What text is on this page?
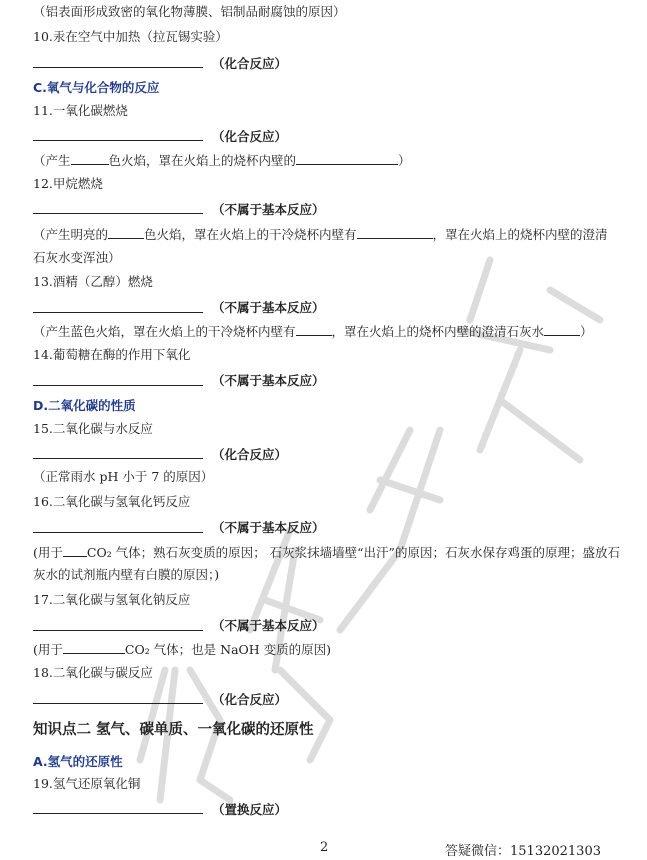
（铝表面形成致密的氧化物薄膜、铝制品耐腐蚀的原因）
10.汞在空气中加热（拉瓦锡实验）
（化合反应）
C.氧气与化合物的反应
11.一氧化碳燃烧
（化合反应）
（产生	色火焰，罩在火焰上的烧杯内壁的	）
12.甲烷燃烧
（不属于基本反应）
（产生明亮的	色火焰，罩在火焰上的干冷烧杯内壁有	，罩在火焰上的烧杯内壁的澄清
石灰水变浑浊）
13.酒精（乙醇）燃烧
（不属于基本反应）
（产生蓝色火焰，罩在火焰上的干冷烧杯内壁有	，罩在火焰上的烧杯内壁的澄清石灰水	）
14.葡萄糖在酶的作用下氧化
（不属于基本反应）
D.二氧化碳的性质
15.二氧化碳与水反应
（化合反应）
（正常雨水 pH 小于 7 的原因）
16.二氧化碳与氢氧化钙反应
（不属于基本反应）
(用于 CO₂ 气体；熟石灰变质的原因； 石灰浆抹墙墙壁“出汗”的原因；石灰水保存鸡蛋的原理；盛放石
灰水的试剂瓶内壁有白膜的原因；)
17.二氧化碳与氢氧化钠反应
（不属于基本反应）
(用于	CO₂ 气体；也是 NaOH 变质的原因)
18.二氧化碳与碳反应
（化合反应）
知识点二 氢气、碳单质、一氧化碳的还原性
A.氢气的还原性
19.氢气还原氧化铜
（置换反应）
2	答疑微信：15132021303
